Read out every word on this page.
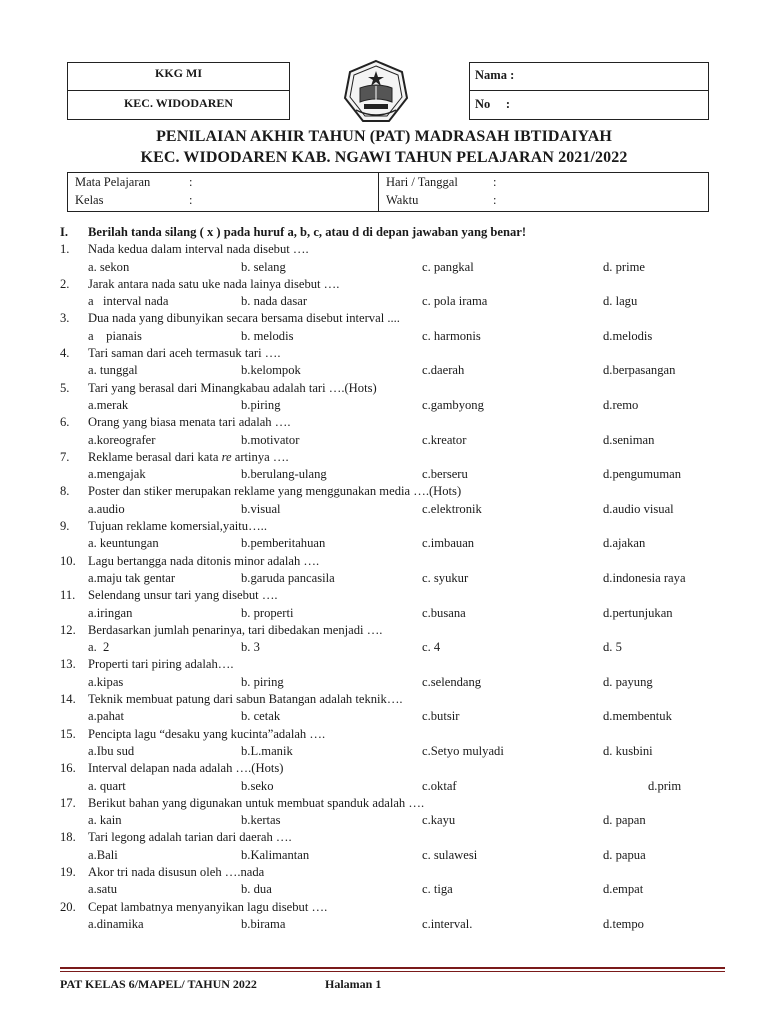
KKG MI
KEC. WIDODAREN
Nama :
No     :
PENILAIAN AKHIR TAHUN (PAT) MADRASAH IBTIDAIYAH
KEC. WIDODAREN KAB. NGAWI TAHUN PELAJARAN 2021/2022
Mata Pelajaran	:
Kelas	:
Hari / Tanggal	:
Waktu	:
I. Berilah tanda silang ( x ) pada huruf a, b, c, atau d di depan jawaban yang benar!
1. Nada kedua dalam interval nada disebut ….
a. sekon	b. selang	c. pangkal	d. prime
2. Jarak antara nada satu uke nada lainya disebut ….
a   interval nada	b. nada dasar	c. pola irama	d. lagu
3. Dua nada yang dibunyikan secara bersama disebut interval ....
a    pianais	b. melodis	c. harmonis	d.melodis
4. Tari saman dari aceh termasuk tari ….
a. tunggal	b.kelompok	c.daerah	d.berpasangan
5. Tari yang berasal dari Minangkabau adalah tari ….(Hots)
a.merak	b.piring	c.gambyong	d.remo
6. Orang yang biasa menata tari adalah ….
a.koreografer	b.motivator	c.kreator	d.seniman
7. Reklame berasal dari kata re artinya ….
a.mengajak	b.berulang-ulang	c.berseru	d.pengumuman
8. Poster dan stiker merupakan reklame yang menggunakan media ….(Hots)
a.audio	b.visual	c.elektronik	d.audio visual
9. Tujuan reklame komersial,yaitu…..
a. keuntungan	b.pemberitahuan	c.imbauan	d.ajakan
10. Lagu bertangga nada ditonis minor adalah ….
a.maju tak gentar	b.garuda pancasila	c. syukur	d.indonesia raya
11. Selendang unsur tari yang disebut ….
a.iringan	b. properti	c.busana	d.pertunjukan
12. Berdasarkan jumlah penarinya, tari dibedakan menjadi ….
a.  2	b. 3	c. 4	d. 5
13. Properti tari piring adalah….
a.kipas	b. piring	c.selendang	d. payung
14. Teknik membuat patung dari sabun Batangan adalah teknik….
a.pahat	b. cetak	c.butsir	d.membentuk
15. Pencipta lagu “desaku yang kucinta”adalah ….
a.Ibu sud	b.L.manik	c.Setyo mulyadi	d. kusbini
16. Interval delapan nada adalah ….(Hots)
a. quart	b.seko	c.oktaf	d.prim
17. Berikut bahan yang digunakan untuk membuat spanduk adalah ….
a. kain	b.kertas	c.kayu	d. papan
18. Tari legong adalah tarian dari daerah ….
a.Bali	b.Kalimantan	c. sulawesi	d. papua
19. Akor tri nada disusun oleh ….nada
a.satu	b. dua	c. tiga	d.empat
20. Cepat lambatnya menyanyikan lagu disebut ….
a.dinamika	b.birama	c.interval.	d.tempo
PAT KELAS 6/MAPEL/ TAHUN 2022	Halaman 1
